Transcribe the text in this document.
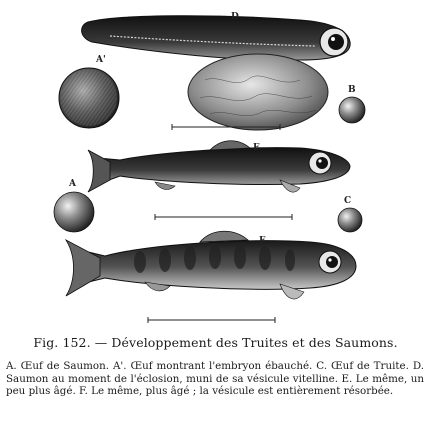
D
A'
B
E
A
C
F
Fig. 152. — Développement des Truites et des Saumons.
A. Œuf de Saumon. A'. Œuf montrant l'embryon ébauché. C. Œuf de Truite. D. Saumon au moment de l'éclosion, muni de sa vésicule vitelline. E. Le même, un peu plus âgé. F. Le même, plus âgé ; la vésicule est entièrement résorbée.
